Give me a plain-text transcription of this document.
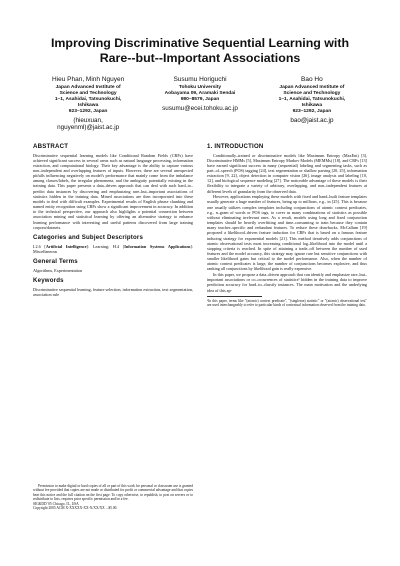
Improving Discriminative Sequential Learning with
Rare--but--Important Associations
Hieu Phan, Minh Nguyen
Japan Advanced Institute of
Science and Technology
1–1, Asahidai, Tatsunokuchi,
Ishikawa
923–1292, Japan
(hieuxuan,
nguyenml)@jaist.ac.jp
Susumu Horiguchi
Tohoku University
Aobayama 09, Aramaki Sendai
980–8579, Japan
susumu@ecei.tohoku.ac.jp
Bao Ho
Japan Advanced Institute of
Science and Technology
1–1, Asahidai, Tatsunokuchi,
Ishikawa
923–1292, Japan
bao@jaist.ac.jp
ABSTRACT

Discriminative sequential learning models like Conditional Random Fields (CRFs) have achieved significant success in several areas such as natural language processing, information extraction, and computational biology. Their key advantage is the ability to capture various non–independent and overlapping features of inputs. However, there are several unexpected pitfalls influencing negatively on model's performance that mainly come from the imbalance among classes/labels, the irregular phenomena, and the ambiguity potentially existing in the training data. This paper presents a data–driven approach that can deal with such hard–to–predict data instances by discovering and emphasizing rare–but–important associations of statistics hidden in the training data. Mined associations are then incorporated into these models to deal with difficult examples. Experimental results of English phrase chunking and named entity recognition using CRFs show a significant improvement in accuracy. In addition to the technical perspective, our approach also highlights a potential connection between association mining and statistical learning by offering an alternative strategy to enhance learning performance with interesting and useful patterns discovered from large training corpora/datasets.

Categories and Subject Descriptors

I.2.6 [Artificial Intelligence]: Learning; H.4 [Information Systems Applications]: Miscellaneous

General Terms

Algorithms, Experimentation

Keywords

Discriminative sequential learning, feature selection, information extraction, text segmentation, association rule

1. INTRODUCTION

Conditionally–trained or discriminative models like Maximum Entropy (MaxEnt) [3], Discriminative HMMs [5], Maximum Entropy Markov Models (MEMMs) [18], and CRFs [13] have earned significant success in many (sequential) labeling and segmenting tasks, such as part–of–speech (POS) tagging [24], text segmentation or shallow parsing [20, 25], information extraction [9, 22], object detection in computer vision [26], image analysis and labeling [10, 12], and biological sequence modeling [27]. The noticeable advantage of these models is their flexibility to integrate a variety of arbitrary, overlapping, and non–independent features at different levels of granularity from the observed data.

However, applications employing these models with fixed and hand–built feature templates usually generate a huge number of features, being up to millions, e.g., in [25]. This is because one usually utilizes complex templates including conjunctions of atomic context predicates, e.g., n–gram of words or POS tags, to cover as many combinations of statistics as possible without eliminating irrelevant ones. As a result, models using long and fixed conjunction templates should be heavily overfitting and time–consuming to train because they contain many teacher–specific and redundant features. To reduce these drawbacks, McCallum [19] proposed a likelihood–driven feature induction for CRFs that is based on a famous feature inducing strategy for exponential models [21]. This method iteratively adds conjunctions of atomic observational tests most increasing conditional log–likelihood into the model until a stopping criteria is reached. In spite of attaining a trade–off between the number of used features and the model accuracy, this strategy may ignore rare but sensitive conjunctions with smaller likelihood gains but critical to the model performance. Also, when the number of atomic context predicates is large, the number of conjunctions becomes explosive, and thus ranking all conjunctions by likelihood gain is really expensive.

In this paper, we propose a data–driven approach that can identify and emphasize rare–but–important associations or co–occurrences of statistics¹ hidden in the training data to improve prediction accuracy for hard–to–classify instances. The main motivation and the underlying idea of this ap-

¹In this paper, terms like "(atomic) context predicate", "(singleton) statistic" or "(atomic) observational test" are used interchangeably to refer to particular kinds of contextual information observed from the training data.

Permission to make digital or hard copies of all or part of this work for personal or classroom use is granted without fee provided that copies are not made or distributed for profit or commercial advantage and that copies bear this notice and the full citation on the first page. To copy otherwise, to republish, to post on servers or to redistribute to lists, requires prior specific permission and/or a fee.

SIGKDD '05 Chicago, IL, USA

Copyright 2005 ACM X-XXXXX-XX-X/XX/XX ...$5.00.
